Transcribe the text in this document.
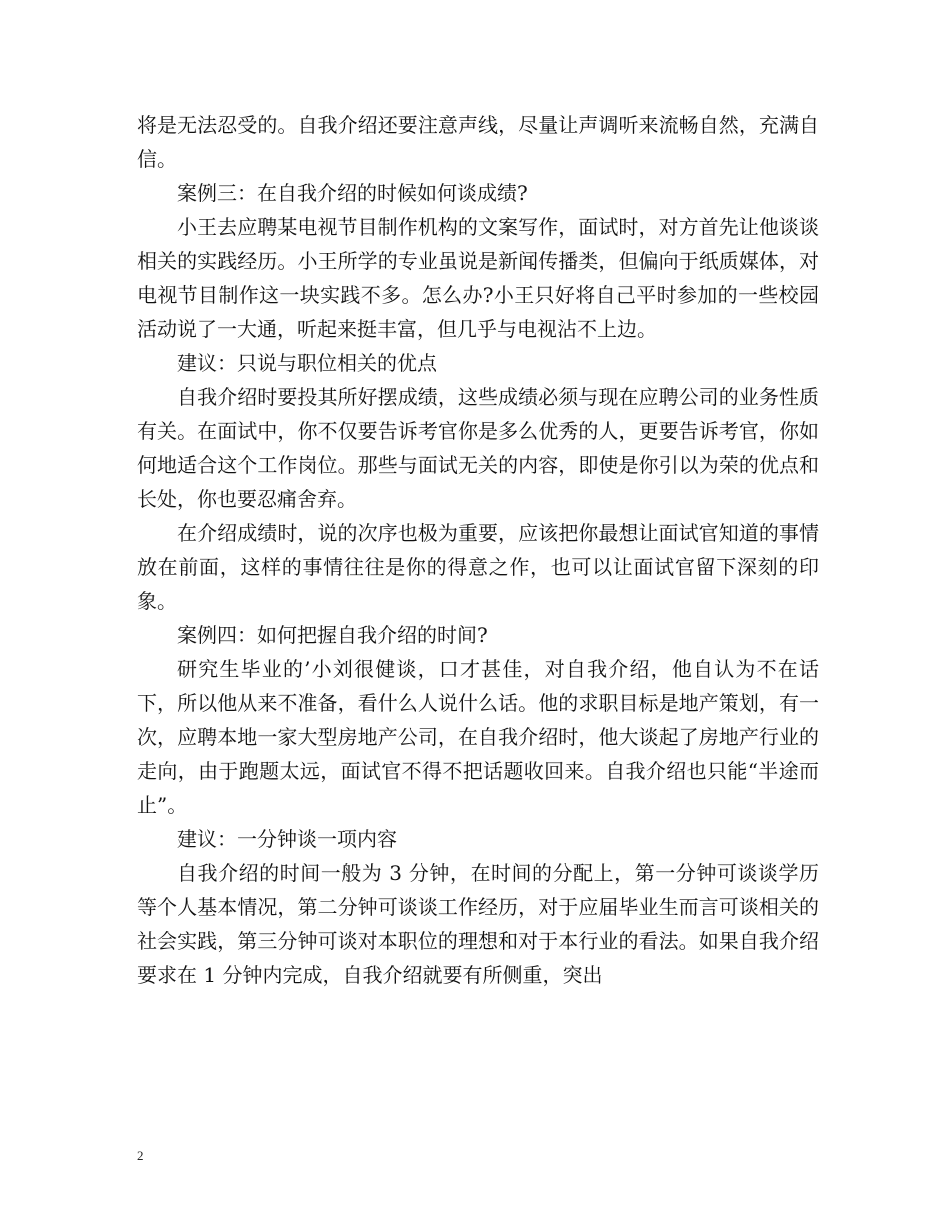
将是无法忍受的。自我介绍还要注意声线，尽量让声调听来流畅自然，充满自信。

案例三：在自我介绍的时候如何谈成绩?

小王去应聘某电视节目制作机构的文案写作，面试时，对方首先让他谈谈相关的实践经历。小王所学的专业虽说是新闻传播类，但偏向于纸质媒体，对电视节目制作这一块实践不多。怎么办?小王只好将自己平时参加的一些校园活动说了一大通，听起来挺丰富，但几乎与电视沾不上边。

建议：只说与职位相关的优点

自我介绍时要投其所好摆成绩，这些成绩必须与现在应聘公司的业务性质有关。在面试中，你不仅要告诉考官你是多么优秀的人，更要告诉考官，你如何地适合这个工作岗位。那些与面试无关的内容，即使是你引以为荣的优点和长处，你也要忍痛舍弃。

在介绍成绩时，说的次序也极为重要，应该把你最想让面试官知道的事情放在前面，这样的事情往往是你的得意之作，也可以让面试官留下深刻的印象。

案例四：如何把握自我介绍的时间?

研究生毕业的’小刘很健谈，口才甚佳，对自我介绍，他自认为不在话下，所以他从来不准备，看什么人说什么话。他的求职目标是地产策划，有一次，应聘本地一家大型房地产公司，在自我介绍时，他大谈起了房地产行业的走向，由于跑题太远，面试官不得不把话题收回来。自我介绍也只能“半途而止”。

建议：一分钟谈一项内容

自我介绍的时间一般为 3 分钟，在时间的分配上，第一分钟可谈谈学历等个人基本情况，第二分钟可谈谈工作经历，对于应届毕业生而言可谈相关的社会实践，第三分钟可谈对本职位的理想和对于本行业的看法。如果自我介绍要求在 1 分钟内完成，自我介绍就要有所侧重，突出

2
